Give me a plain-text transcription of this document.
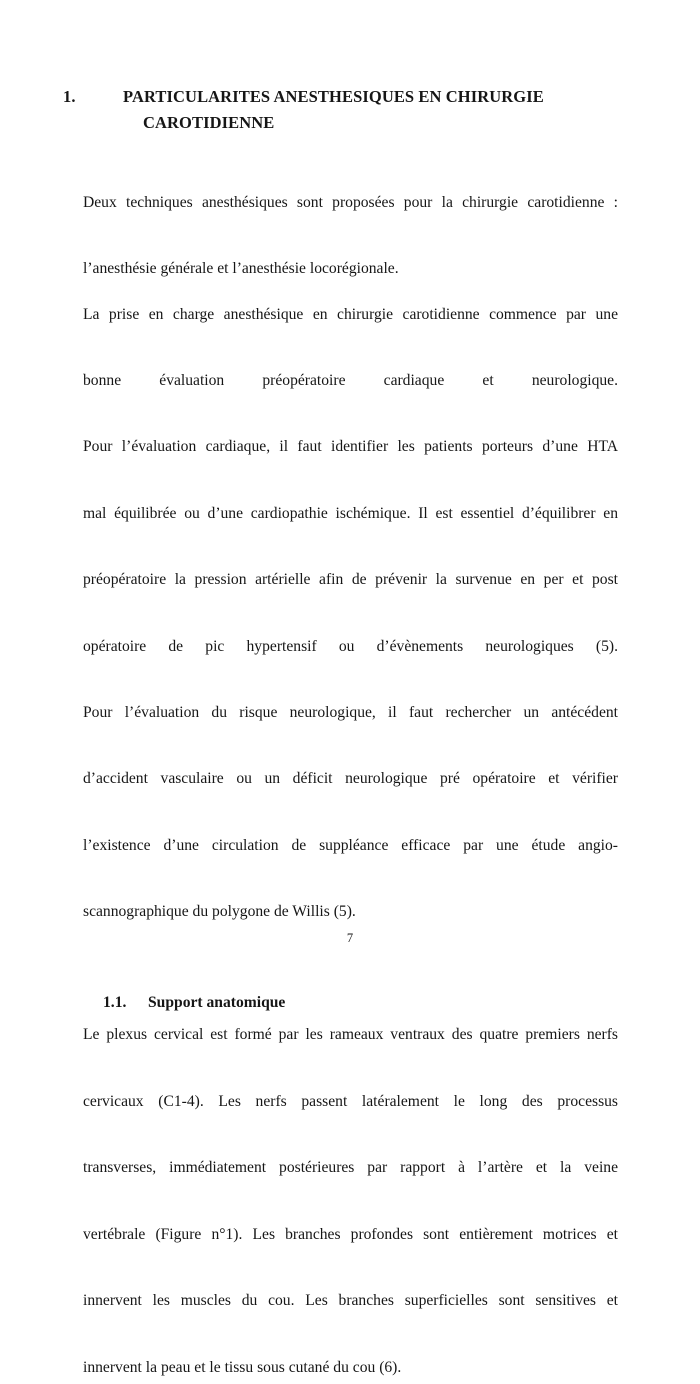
1.	PARTICULARITES ANESTHESIQUES EN CHIRURGIE
CAROTIDIENNE

Deux techniques anesthésiques sont proposées pour la chirurgie carotidienne :
l’anesthésie générale et l’anesthésie locorégionale.

La prise en charge anesthésique en chirurgie carotidienne commence par une
bonne évaluation préopératoire cardiaque et neurologique.
Pour l’évaluation cardiaque, il faut identifier les patients porteurs d’une HTA
mal équilibrée ou d’une cardiopathie ischémique. Il est essentiel d’équilibrer en
préopératoire la pression artérielle afin de prévenir la survenue en per et post
opératoire de pic hypertensif ou d’évènements neurologiques (5).
Pour l’évaluation du risque neurologique, il faut rechercher un antécédent
d’accident vasculaire ou un déficit neurologique pré opératoire et vérifier
l’existence d’une circulation de suppléance efficace par une étude angio-
scannographique du polygone de Willis (5).

1.1. Support anatomique

Le plexus cervical est formé par les rameaux ventraux des quatre premiers nerfs
cervicaux (C1-4). Les nerfs passent latéralement le long des processus
transverses, immédiatement postérieures par rapport à l’artère et la veine
vertébrale (Figure n°1). Les branches profondes sont entièrement motrices et
innervent les muscles du cou. Les branches superficielles sont sensitives et
innervent la peau et le tissu sous cutané du cou (6).

7
